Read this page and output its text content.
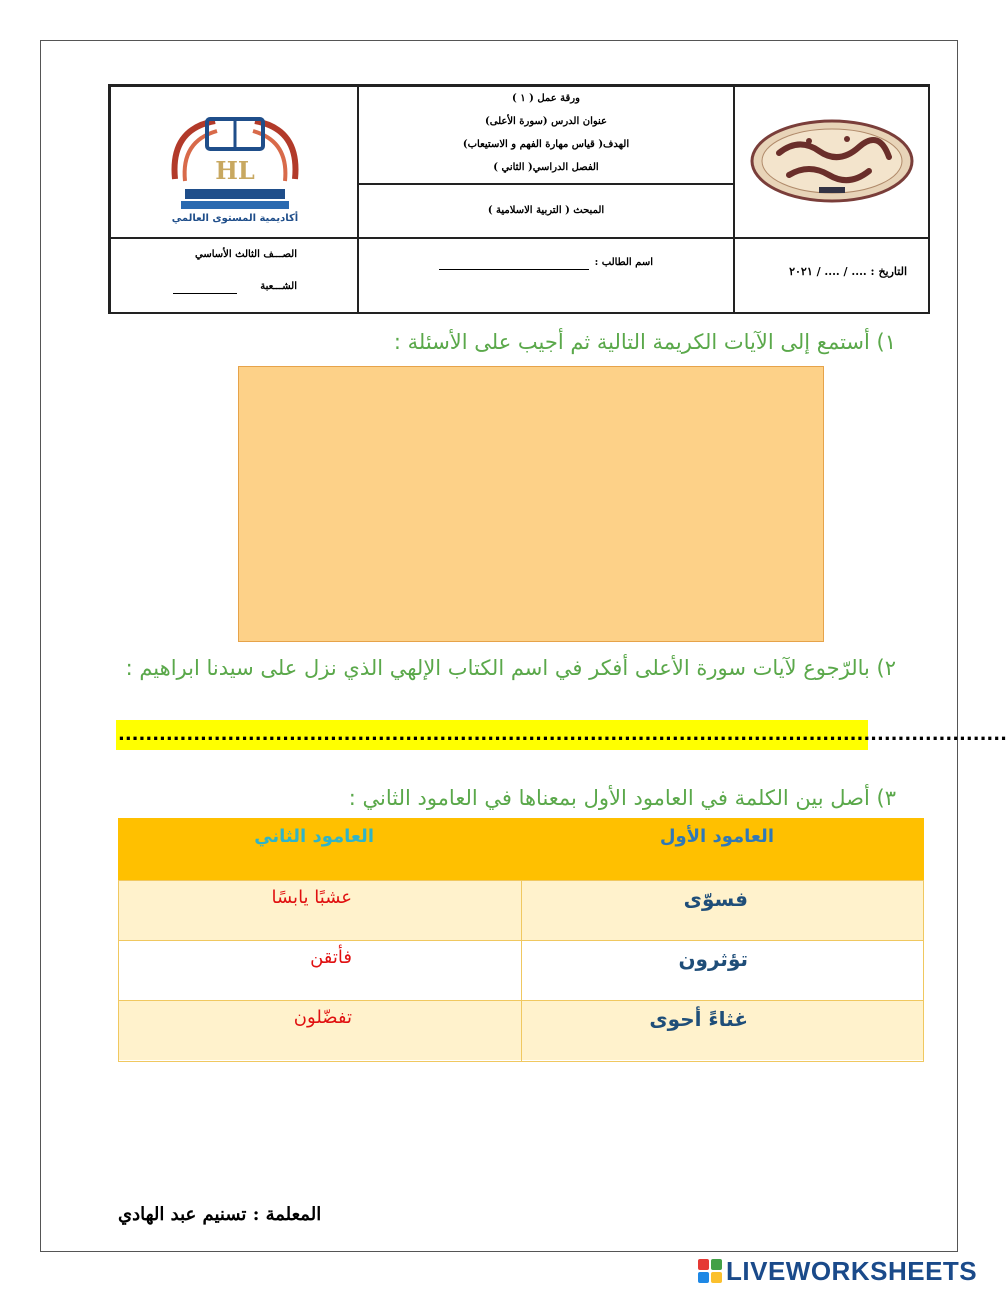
ورقة عمل ( ١ )
عنوان الدرس (سورة الأعلى)
الهدف( قياس مهارة الفهم و الاستيعاب)
الفصل الدراسي( الثاني )
المبحث ( التربية الاسلامية )
HL
أكاديمية المستوى العالمي
التاريخ : .... / .... / ٢٠٢١
اسم الطالب :
الصـــف الثالث الأساسي
الشـــعبة
١) أستمع إلى الآيات الكريمة التالية ثم أجيب على الأسئلة :
٢) بالرّجوع لآيات سورة الأعلى أفكر في اسم الكتاب الإلهي الذي نزل على سيدنا ابراهيم :
..................................................................................................................................
٣) أصل بين الكلمة في العامود الأول بمعناها في العامود الثاني :
العامود الأول
العامود الثاني
فسوّى
عشبًا يابسًا
تؤثرون
فأتقن
غثاءً أحوى
تفضّلون
المعلمة : تسنيم عبد الهادي
LIVEWORKSHEETS
